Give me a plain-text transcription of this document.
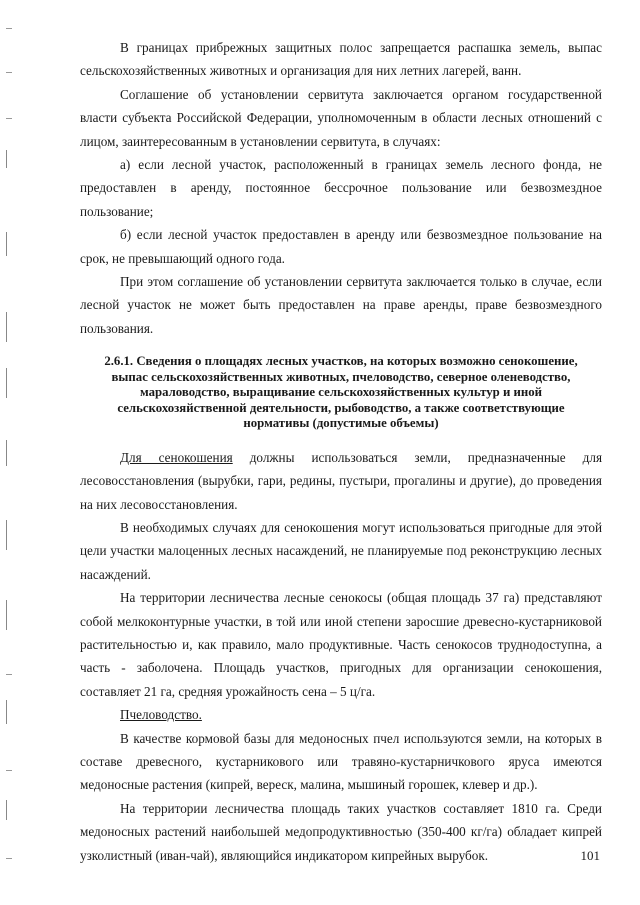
В границах прибрежных защитных полос запрещается распашка земель, выпас сельскохозяйственных животных и организация для них летних лагерей, ванн.

Соглашение об установлении сервитута заключается органом государственной власти субъекта Российской Федерации, уполномоченным в области лесных отношений с лицом, заинтересованным в установлении сервитута, в случаях:

а) если лесной участок, расположенный в границах земель лесного фонда, не предоставлен в аренду, постоянное бессрочное пользование или безвозмездное пользование;

б) если лесной участок предоставлен в аренду или безвозмездное пользование на срок, не превышающий одного года.

При этом соглашение об установлении сервитута заключается только в случае, если лесной участок не может быть предоставлен на праве аренды, праве безвозмездного пользования.

2.6.1. Сведения о площадях лесных участков, на которых возможно сенокошение, выпас сельскохозяйственных животных, пчеловодство, северное оленеводство, мараловодство, выращивание сельскохозяйственных культур и иной сельскохозяйственной деятельности, рыбоводство, а также соответствующие нормативы (допустимые объемы)

Для сенокошения должны использоваться земли, предназначенные для лесовосстановления (вырубки, гари, редины, пустыри, прогалины и другие), до проведения на них лесовосстановления.

В необходимых случаях для сенокошения могут использоваться пригодные для этой цели участки малоценных лесных насаждений, не планируемые под реконструкцию лесных насаждений.

На территории лесничества лесные сенокосы (общая площадь 37 га) представляют собой мелкоконтурные участки, в той или иной степени заросшие древесно-кустарниковой растительностью и, как правило, мало продуктивные. Часть сенокосов труднодоступна, а часть - заболочена. Площадь участков, пригодных для организации сенокошения, составляет 21 га, средняя урожайность сена – 5 ц/га.

Пчеловодство.

В качестве кормовой базы для медоносных пчел используются земли, на которых в составе древесного, кустарникового или травяно-кустарничкового яруса имеются медоносные растения (кипрей, вереск, малина, мышиный горошек, клевер и др.).

На территории лесничества площадь таких участков составляет 1810 га. Среди медоносных растений наибольшей медопродуктивностью (350-400 кг/га) обладает кипрей узколистный (иван-чай), являющийся индикатором кипрейных вырубок.	101
